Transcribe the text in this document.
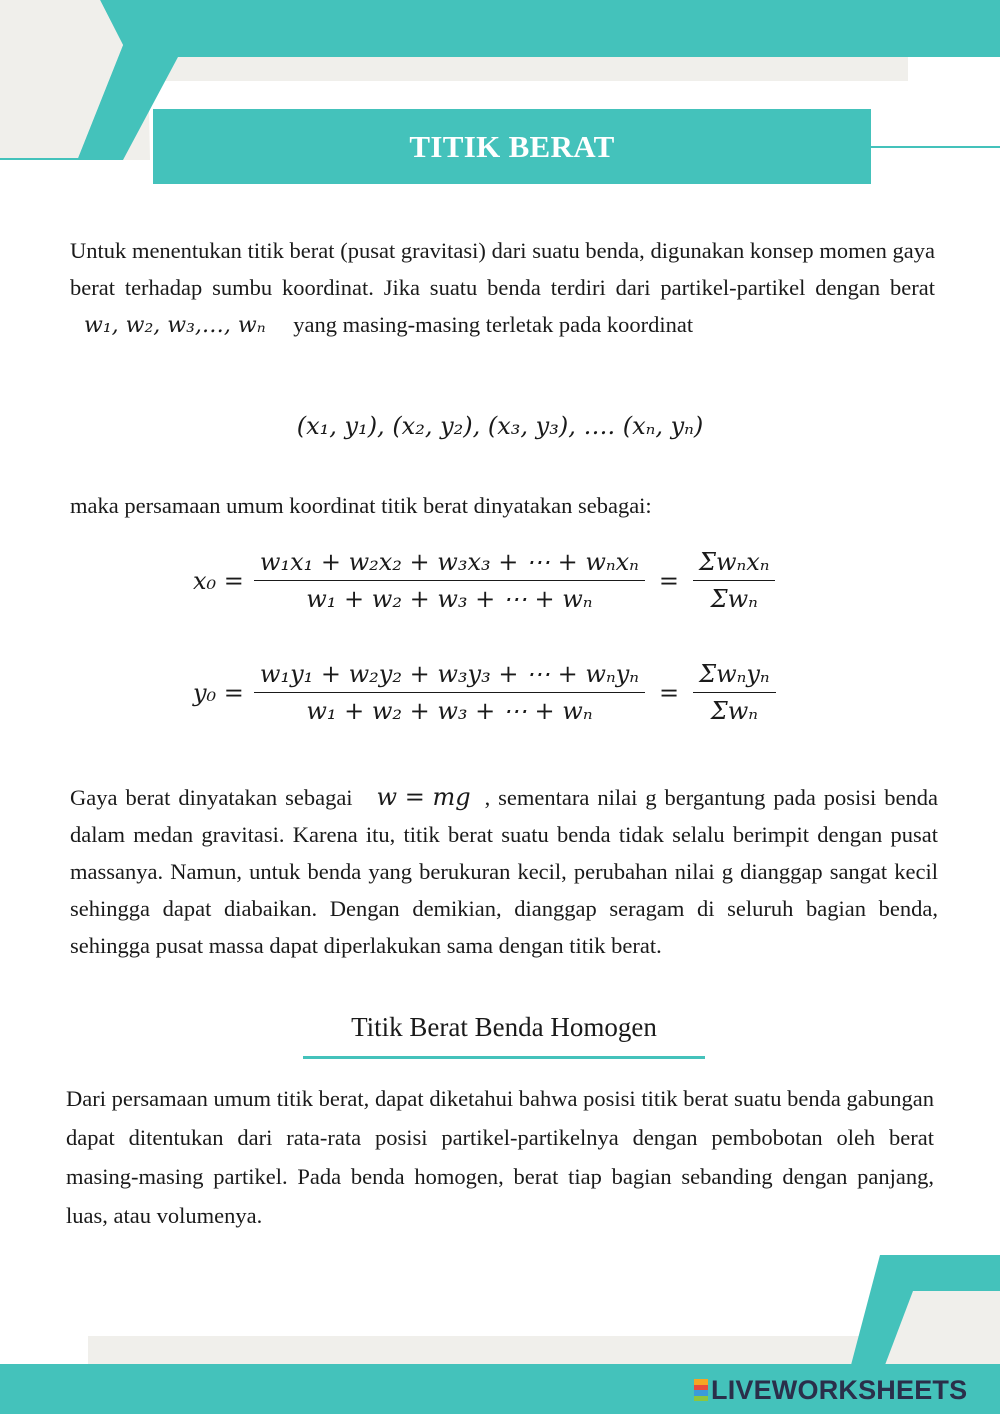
TITIK BERAT

Untuk menentukan titik berat (pusat gravitasi) dari suatu benda, digunakan konsep momen gaya berat terhadap sumbu koordinat. Jika suatu benda terdiri dari partikel-partikel dengan berat w₁, w₂, w₃,…, wₙ yang masing-masing terletak pada koordinat

(x₁, y₁), (x₂, y₂), (x₃, y₃), …. (xₙ, yₙ)

maka persamaan umum koordinat titik berat dinyatakan sebagai:

$x_0 = \frac{\text{w₁x₁ + w₂x₂ + w₃x₃ + ⋯ + wₙxₙ}}{\text{w₁ + w₂ + w₃ + ⋯ + wₙ}} = \frac{\text{Σwₙxₙ}}{\text{Σwₙ}}$
$y_0 = \frac{\text{w₁y₁ + w₂y₂ + w₃y₃ + ⋯ + wₙyₙ}}{\text{w₁ + w₂ + w₃ + ⋯ + wₙ}} = \frac{\text{Σwₙyₙ}}{\text{Σwₙ}}$

Gaya berat dinyatakan sebagai w = mg , sementara nilai g bergantung pada posisi benda dalam medan gravitasi. Karena itu, titik berat suatu benda tidak selalu berimpit dengan pusat massanya. Namun, untuk benda yang berukuran kecil, perubahan nilai g dianggap sangat kecil sehingga dapat diabaikan. Dengan demikian, dianggap seragam di seluruh bagian benda, sehingga pusat massa dapat diperlakukan sama dengan titik berat.

Titik Berat Benda Homogen

Dari persamaan umum titik berat, dapat diketahui bahwa posisi titik berat suatu benda gabungan dapat ditentukan dari rata-rata posisi partikel-partikelnya dengan pembobotan oleh berat masing-masing partikel. Pada benda homogen, berat tiap bagian sebanding dengan panjang, luas, atau volumenya.

LIVEWORKSHEETS
